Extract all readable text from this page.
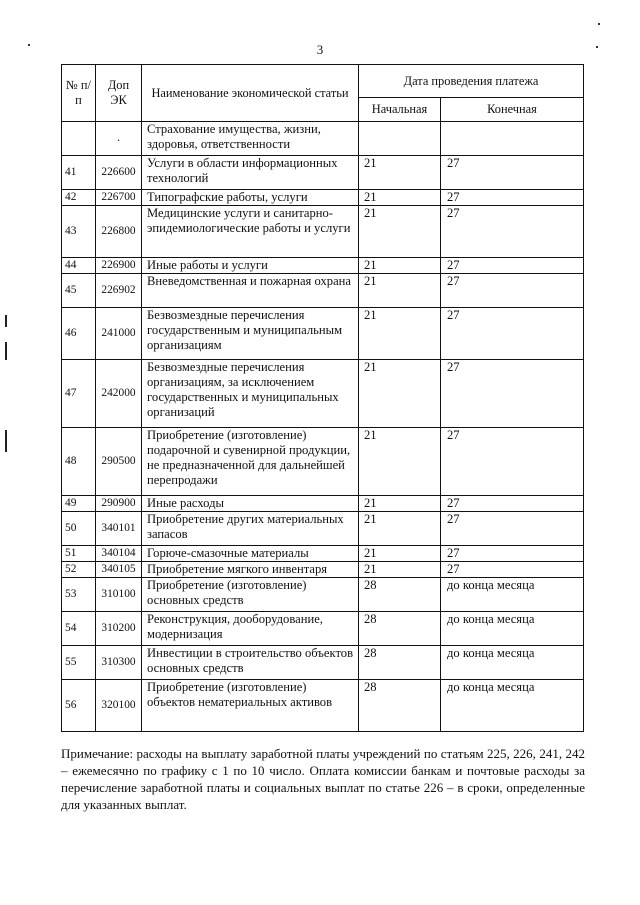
3
№ п/п	Доп ЭК	Наименование экономической статьи	Дата проведения платежа	
			Начальная	Конечная
	.	Страхование имущества, жизни, здоровья, ответственности		
41	226600	Услуги в области информационных технологий	21	27
42	226700	Типографские работы, услуги	21	27
43	226800	Медицинские услуги и санитарно-эпидемиологические работы и услуги	21	27
44	226900	Иные работы и услуги	21	27
45	226902	Вневедомственная и пожарная охрана	21	27
46	241000	Безвозмездные перечисления государственным и муниципальным организациям	21	27
47	242000	Безвозмездные перечисления организациям, за исключением государственных и муниципальных организаций	21	27
48	290500	Приобретение (изготовление) подарочной и сувенирной продукции, не предназначенной для дальнейшей перепродажи	21	27
49	290900	Иные расходы	21	27
50	340101	Приобретение других материальных запасов	21	27
51	340104	Горюче-смазочные материалы	21	27
52	340105	Приобретение мягкого инвентаря	21	27
53	310100	Приобретение (изготовление) основных средств	28	до конца месяца
54	310200	Реконструкция, дооборудование, модернизация	28	до конца месяца
55	310300	Инвестиции в строительство объектов основных средств	28	до конца месяца
56	320100	Приобретение (изготовление) объектов нематериальных активов	28	до конца месяца
Примечание: расходы на выплату заработной платы учреждений по статьям 225, 226, 241, 242 – ежемесячно по графику с 1 по 10 число. Оплата комиссии банкам и почтовые расходы за перечисление заработной платы и социальных выплат по статье 226 – в сроки, определенные для указанных выплат.
